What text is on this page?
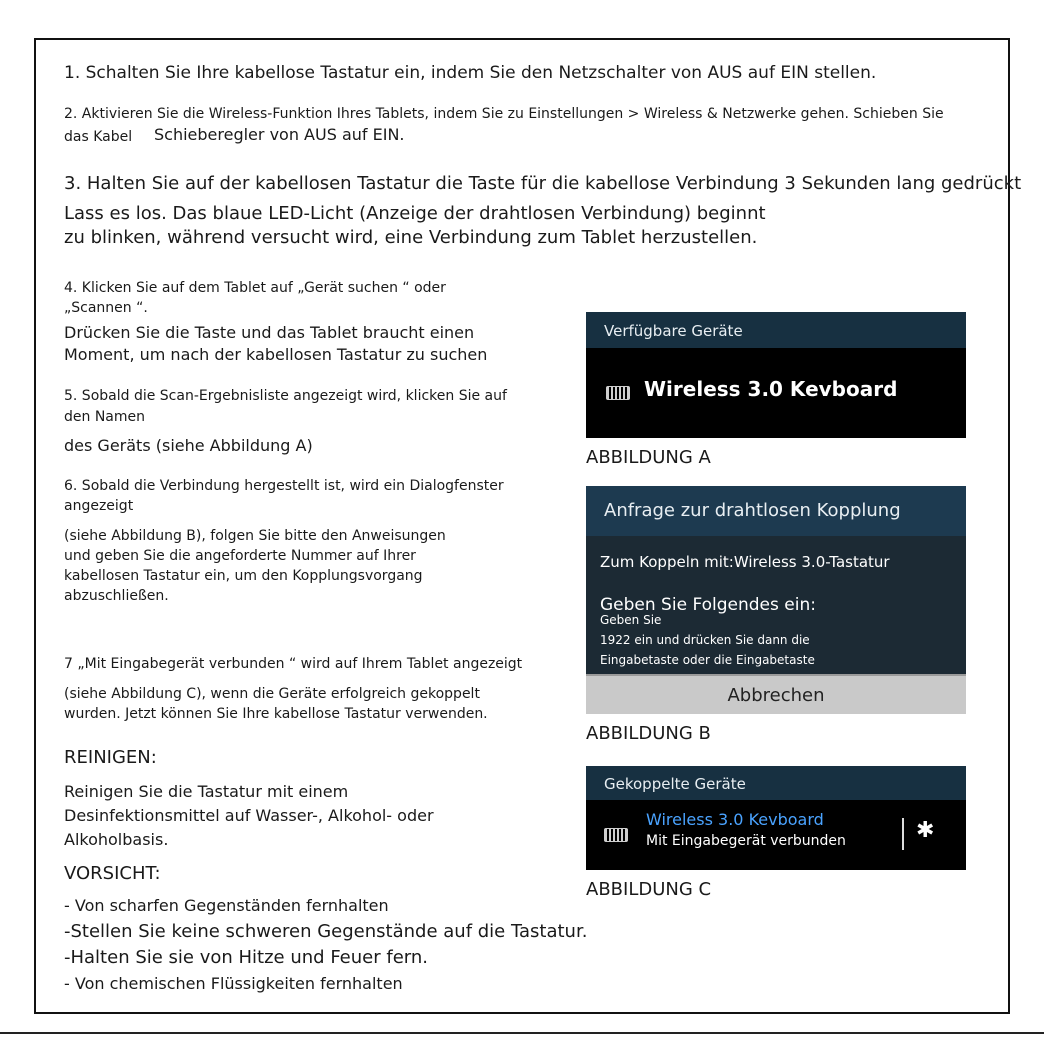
1. Schalten Sie Ihre kabellose Tastatur ein, indem Sie den Netzschalter von AUS auf EIN stellen.
2. Aktivieren Sie die Wireless-Funktion Ihres Tablets, indem Sie zu Einstellungen > Wireless & Netzwerke gehen. Schieben Sie
das Kabel Schieberegler von AUS auf EIN.
3. Halten Sie auf der kabellosen Tastatur die Taste für die kabellose Verbindung 3 Sekunden lang gedrückt
Lass es los. Das blaue LED-Licht (Anzeige der drahtlosen Verbindung) beginnt
zu blinken, während versucht wird, eine Verbindung zum Tablet herzustellen.
4. Klicken Sie auf dem Tablet auf „Gerät suchen “ oder
„Scannen “.
Drücken Sie die Taste und das Tablet braucht einen
Moment, um nach der kabellosen Tastatur zu suchen
5. Sobald die Scan-Ergebnisliste angezeigt wird, klicken Sie auf
den Namen
des Geräts (siehe Abbildung A)
6. Sobald die Verbindung hergestellt ist, wird ein Dialogfenster
angezeigt
(siehe Abbildung B), folgen Sie bitte den Anweisungen
und geben Sie die angeforderte Nummer auf Ihrer
kabellosen Tastatur ein, um den Kopplungsvorgang
abzuschließen.
7 „Mit Eingabegerät verbunden “ wird auf Ihrem Tablet angezeigt
(siehe Abbildung C), wenn die Geräte erfolgreich gekoppelt
wurden. Jetzt können Sie Ihre kabellose Tastatur verwenden.
REINIGEN:
Reinigen Sie die Tastatur mit einem
Desinfektionsmittel auf Wasser-, Alkohol- oder
Alkoholbasis.
VORSICHT:
- Von scharfen Gegenständen fernhalten
-Stellen Sie keine schweren Gegenstände auf die Tastatur.
-Halten Sie sie von Hitze und Feuer fern.
- Von chemischen Flüssigkeiten fernhalten
Verfügbare Geräte
Wireless 3.0 Kevboard
ABBILDUNG A
Anfrage zur drahtlosen Kopplung
Zum Koppeln mit:Wireless 3.0-Tastatur
Geben Sie Folgendes ein:
Geben Sie
1922 ein und drücken Sie dann die
Eingabetaste oder die Eingabetaste
Abbrechen
ABBILDUNG B
Gekoppelte Geräte
Wireless 3.0 Kevboard
Mit Eingabegerät verbunden	✱
ABBILDUNG C
